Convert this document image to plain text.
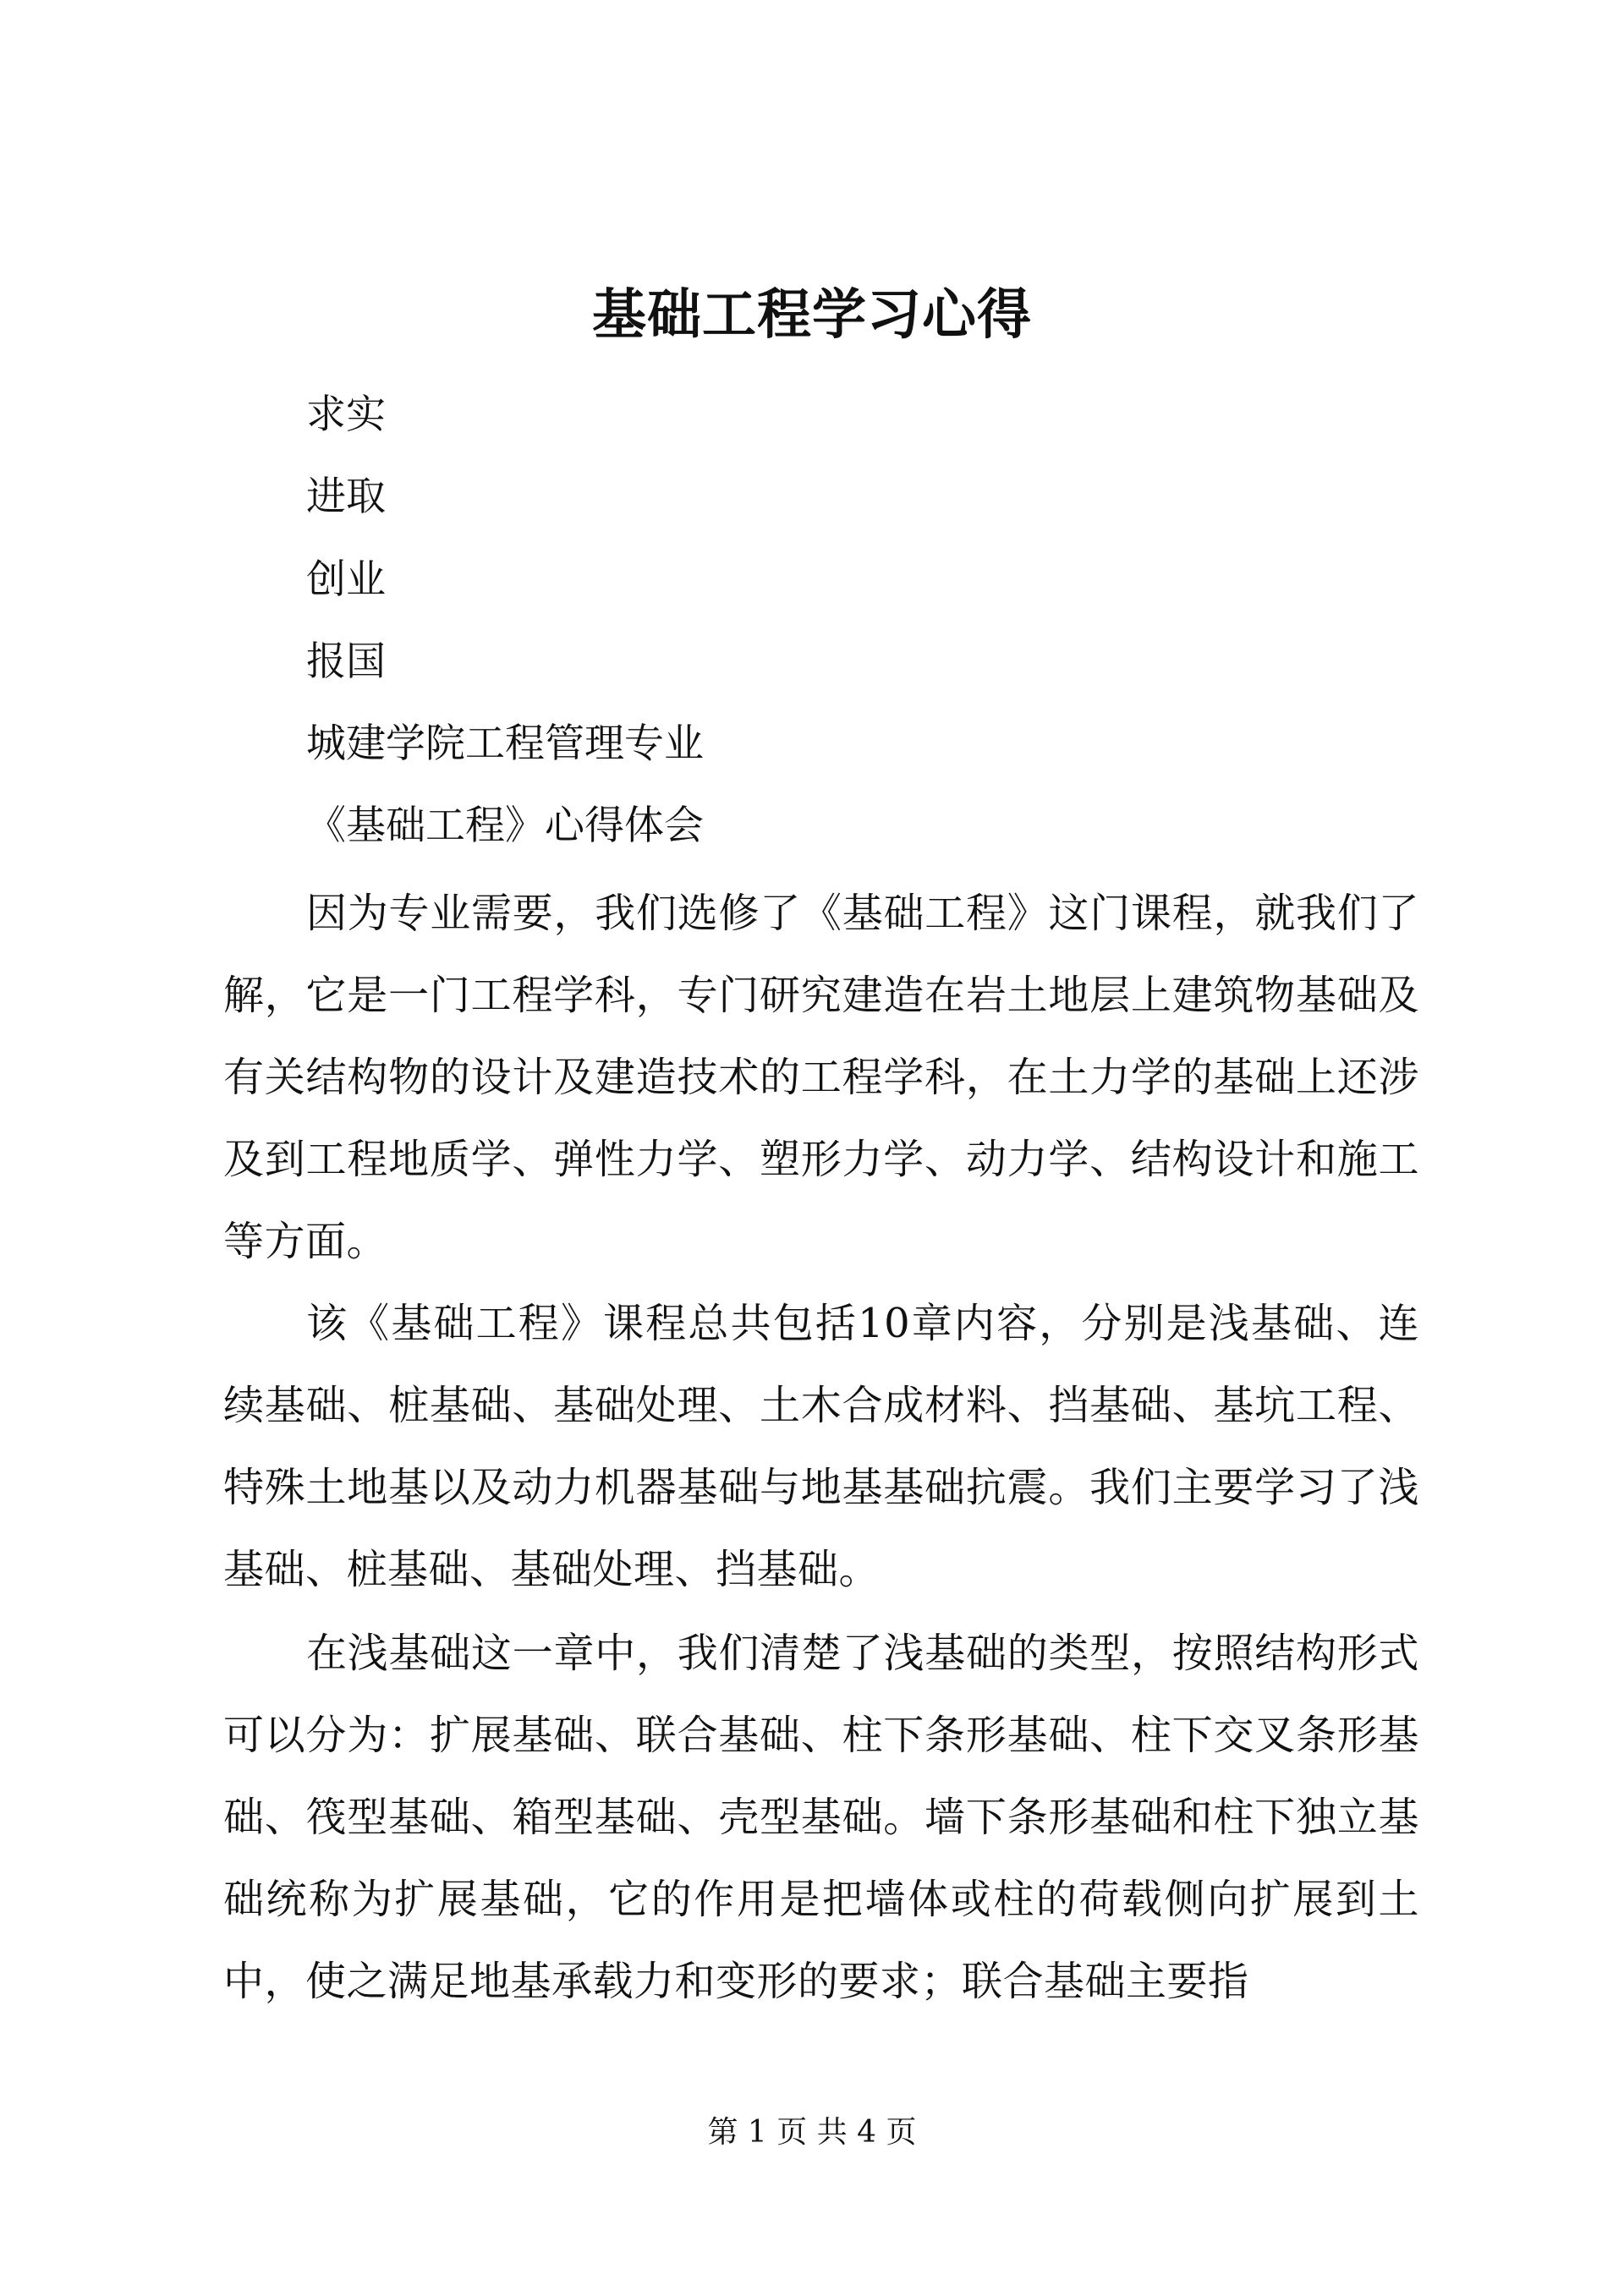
基础工程学习心得
求实
进取
创业
报国
城建学院工程管理专业
《基础工程》心得体会

因为专业需要，我们选修了《基础工程》这门课程，就我们了解，它是一门工程学科，专门研究建造在岩土地层上建筑物基础及有关结构物的设计及建造技术的工程学科，在土力学的基础上还涉及到工程地质学、弹性力学、塑形力学、动力学、结构设计和施工等方面。

该《基础工程》课程总共包括10章内容，分别是浅基础、连续基础、桩基础、基础处理、土木合成材料、挡基础、基坑工程、特殊土地基以及动力机器基础与地基基础抗震。我们主要学习了浅基础、桩基础、基础处理、挡基础。

在浅基础这一章中，我们清楚了浅基础的类型，按照结构形式可以分为：扩展基础、联合基础、柱下条形基础、柱下交叉条形基础、筏型基础、箱型基础、壳型基础。墙下条形基础和柱下独立基础统称为扩展基础，它的作用是把墙体或柱的荷载侧向扩展到土中，使之满足地基承载力和变形的要求；联合基础主要指

第 1 页 共 4 页
